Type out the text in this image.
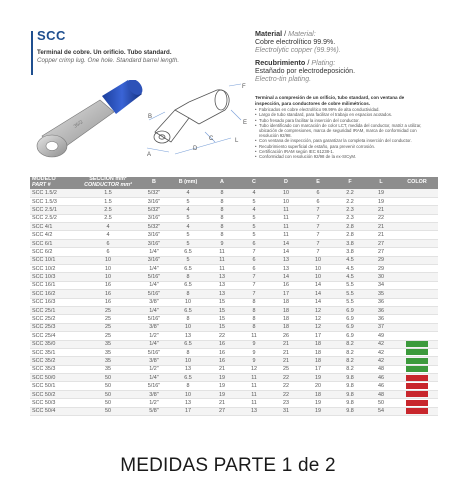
SCC
Terminal de cobre. Un orificio. Tubo standard.
Copper crimp lug. One hole. Standard barrel length.
Material / Material:
Cobre electrolítico 99.9%.
Electrolytic copper (99.9%).
Recubrimiento / Plating:
Estañado por electrodeposición.
Electro-tin plating.
35/2
F
B
E
C
D
A
L
Terminal a compresión de un orificio, tubo standard, con ventana de inspección, para conductores de cobre milimétricos.
• Fabricados en cobre electrolítico 99.99% de alta conductividad.
• Largo de tubo standard, para facilitar el trabajo en espacios acotados.
• Tubo fresado para facilitar la inserción del conductor.
• Tubo identificado con marcación de color LCT, medida del conductor, matriz a utilizar, ubicación de compresiones, marca de seguridad IRAM, marca de conformidad con resolución 92/98.
• Con ventana de inspección, para garantizar la completa inserción del conductor.
• Recubrimiento superficial de estaño, para prevenir corrosión.
• Certificación IRAM según IEC 61238-1.
• Conformidad con resolución 92/98 de la ex-SICyM.
MODELO
PART #	SECCIÓN mm²
CONDUCTOR mm²	B	B (mm)	A	C	D	E	F	L	COLOR
SCC 1.5/2	1.5	5/32"	4	8	4	10	6	2.2	19	
SCC 1.5/3	1.5	3/16"	5	8	5	10	6	2.2	19	
SCC 2.5/1	2.5	5/32"	4	8	4	11	7	2.3	21	
SCC 2.5/2	2.5	3/16"	5	8	5	11	7	2.3	22	
SCC 4/1	4	5/32"	4	8	5	11	7	2.8	21	
SCC 4/2	4	3/16"	5	8	5	11	7	2.8	21	
SCC 6/1	6	3/16"	5	9	6	14	7	3.8	27	
SCC 6/2	6	1/4"	6.5	11	7	14	7	3.8	27	
SCC 10/1	10	3/16"	5	11	6	13	10	4.5	29	
SCC 10/2	10	1/4"	6.5	11	6	13	10	4.5	29	
SCC 10/3	10	5/16"	8	13	7	14	10	4.5	30	
SCC 16/1	16	1/4"	6.5	13	7	16	14	5.5	34	
SCC 16/2	16	5/16"	8	13	7	17	14	5.5	35	
SCC 16/3	16	3/8"	10	15	8	18	14	5.5	36	
SCC 25/1	25	1/4"	6.5	15	8	18	12	6.9	36	
SCC 25/2	25	5/16"	8	15	8	18	12	6.9	36	
SCC 25/3	25	3/8"	10	15	8	18	12	6.9	37	
SCC 25/4	25	1/2"	13	22	11	26	17	6.9	49	
SCC 35/0	35	1/4"	6.5	16	9	21	18	8.2	42	
SCC 35/1	35	5/16"	8	16	9	21	18	8.2	42	
SCC 35/2	35	3/8"	10	16	9	21	18	8.2	42	
SCC 35/3	35	1/2"	13	21	12	25	17	8.2	48	
SCC 50/0	50	1/4"	6.5	19	11	22	19	9.8	46	
SCC 50/1	50	5/16"	8	19	11	22	20	9.8	46	
SCC 50/2	50	3/8"	10	19	11	22	18	9.8	48	
SCC 50/3	50	1/2"	13	21	11	23	19	9.8	50	
SCC 50/4	50	5/8"	17	27	13	31	19	9.8	54	
MEDIDAS PARTE 1 de 2
